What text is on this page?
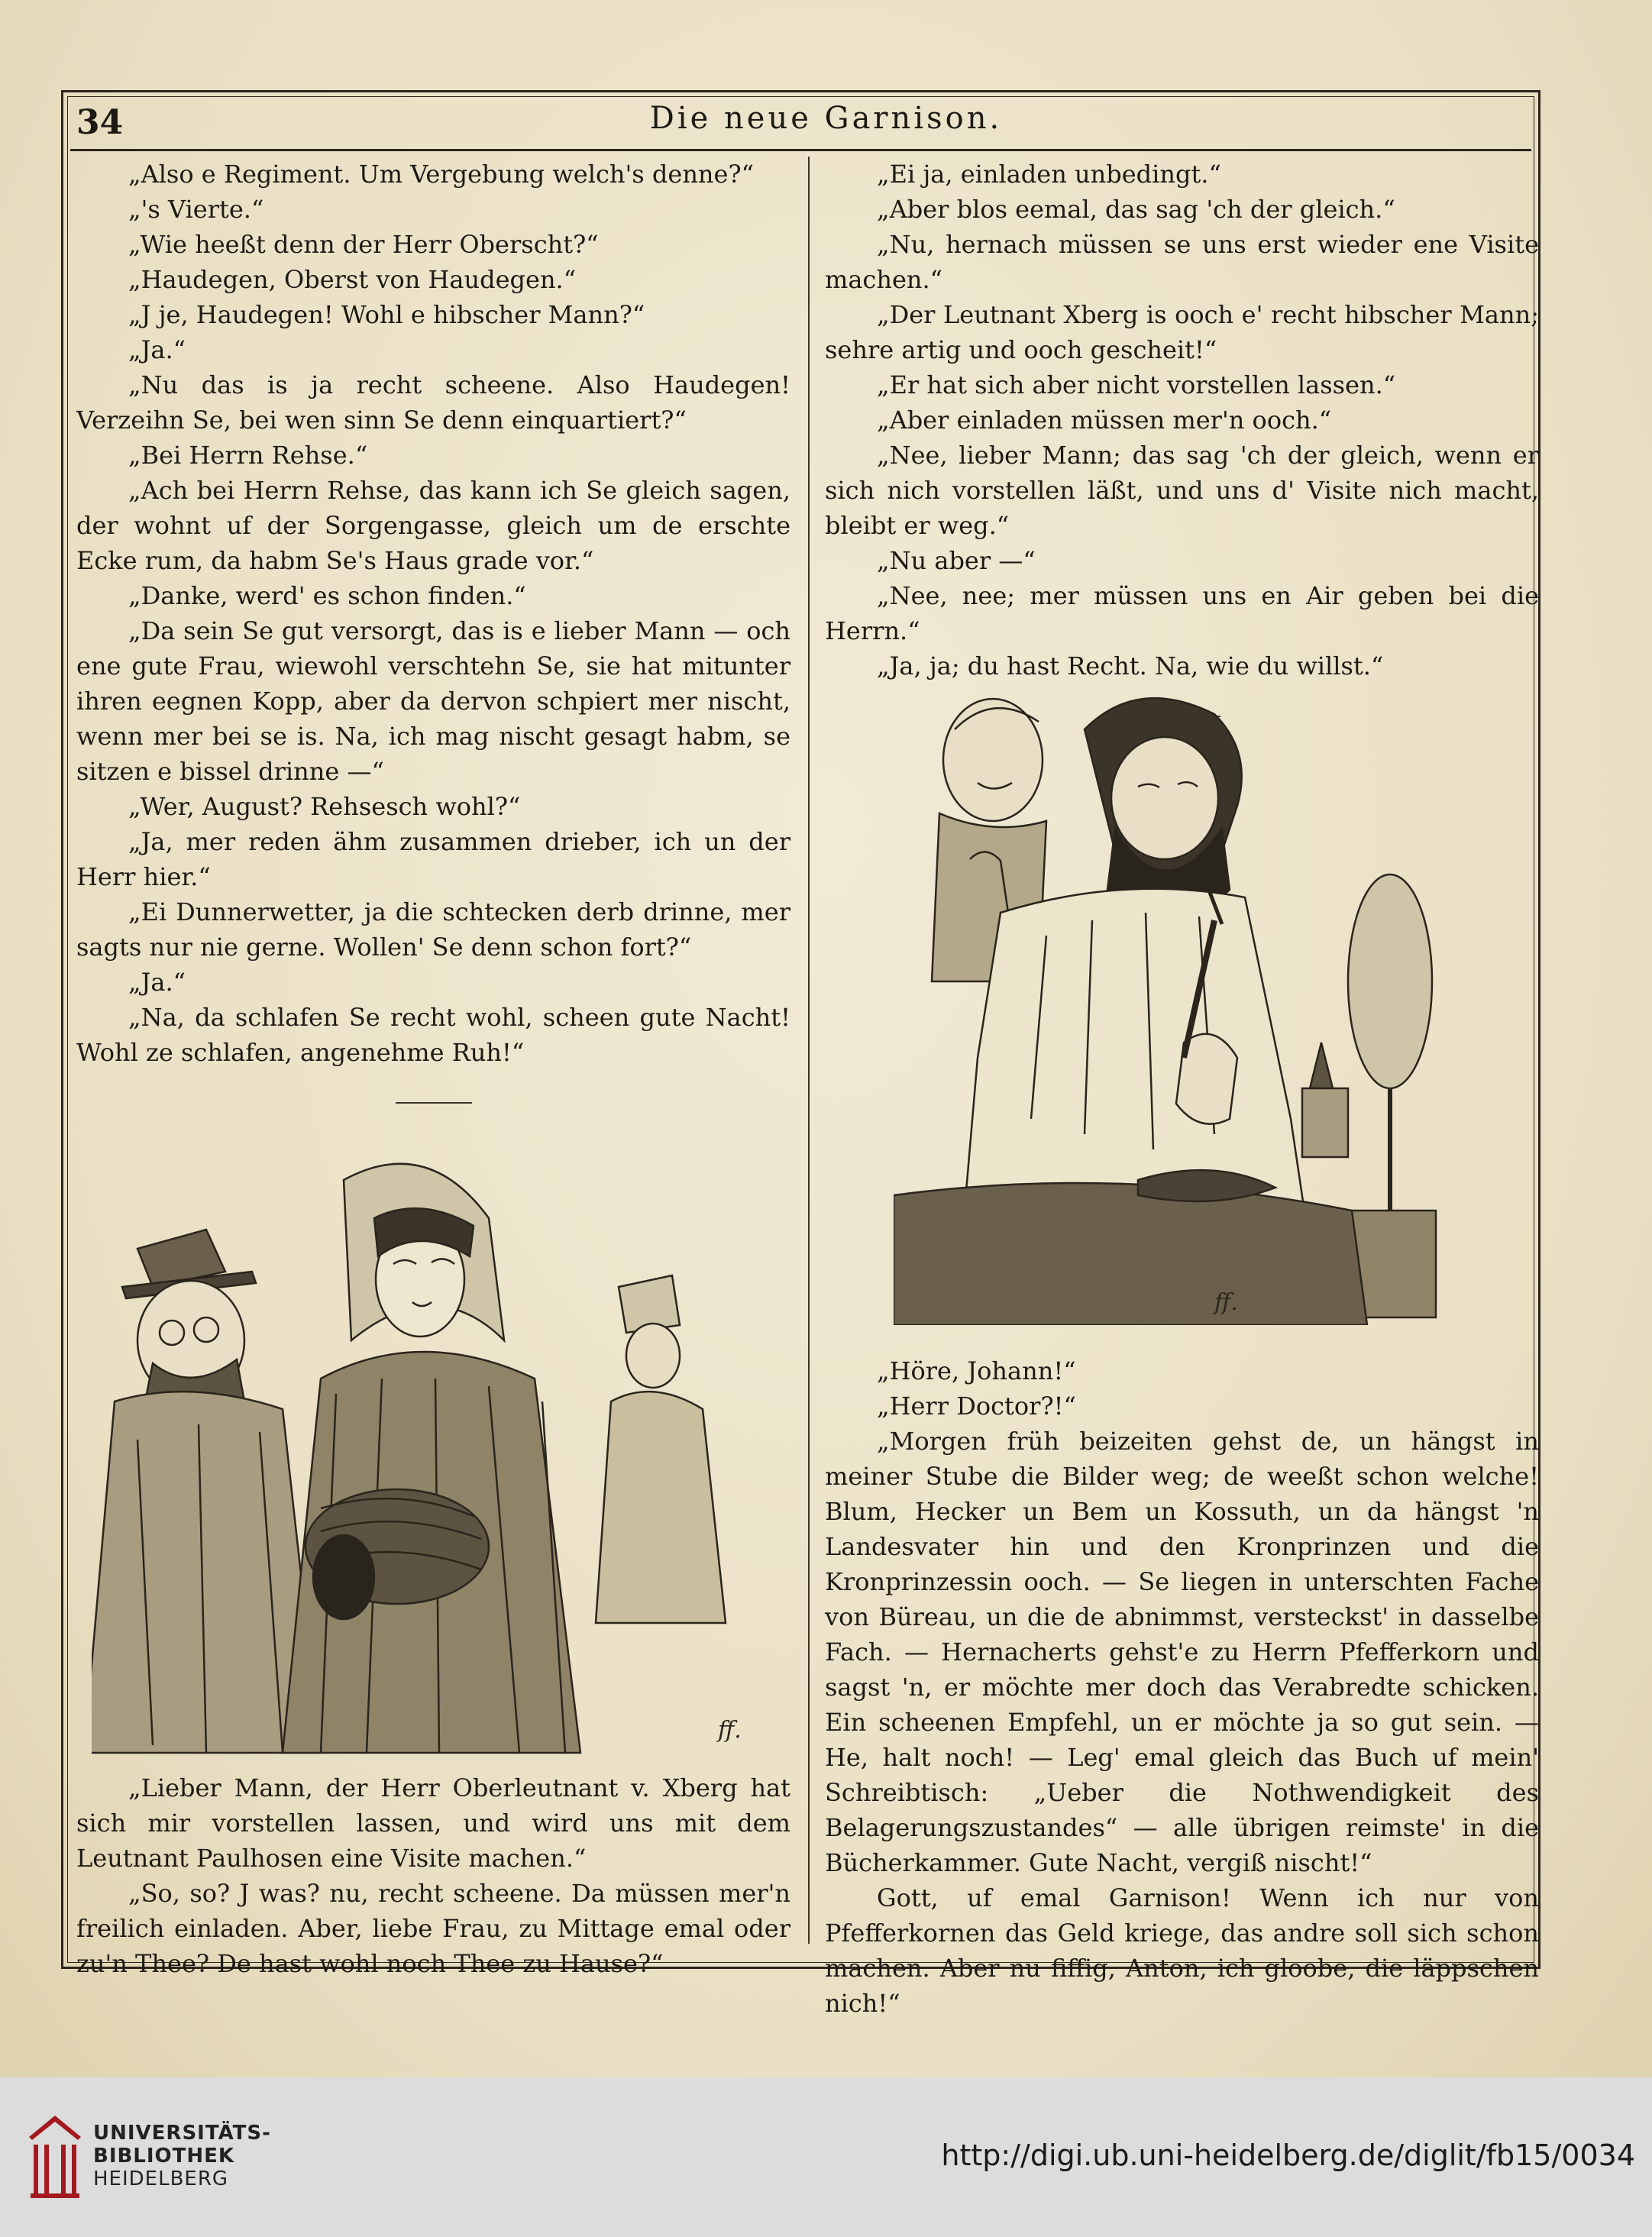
34	Die neue Garnison.

„Also e Regiment. Um Vergebung welch's denne?“

„'s Vierte.“

„Wie heeßt denn der Herr Oberscht?“

„Haudegen, Oberst von Haudegen.“

„J je, Haudegen! Wohl e hibscher Mann?“

„Ja.“

„Nu das is ja recht scheene. Also Haudegen! Verzeihn Se, bei wen sinn Se denn einquartiert?“

„Bei Herrn Rehse.“

„Ach bei Herrn Rehse, das kann ich Se gleich sagen, der wohnt uf der Sorgengasse, gleich um de erschte Ecke rum, da habm Se's Haus grade vor.“

„Danke, werd' es schon finden.“

„Da sein Se gut versorgt, das is e lieber Mann — och ene gute Frau, wiewohl verschtehn Se, sie hat mitunter ihren eegnen Kopp, aber da dervon schpiert mer nischt, wenn mer bei se is. Na, ich mag nischt gesagt habm, se sitzen e bissel drinne —“

„Wer, August? Rehsesch wohl?“

„Ja, mer reden ähm zusammen drieber, ich un der Herr hier.“

„Ei Dunnerwetter, ja die schtecken derb drinne, mer sagts nur nie gerne. Wollen' Se denn schon fort?“

„Ja.“

„Na, da schlafen Se recht wohl, scheen gute Nacht! Wohl ze schlafen, angenehme Ruh!“

ff.

„Lieber Mann, der Herr Oberleutnant v. Xberg hat sich mir vorstellen lassen, und wird uns mit dem Leutnant Paulhosen eine Visite machen.“

„So, so? J was? nu, recht scheene. Da müssen mer'n freilich einladen. Aber, liebe Frau, zu Mittage emal oder zu'n Thee? De hast wohl noch Thee zu Hause?“

„Ei ja, einladen unbedingt.“

„Aber blos eemal, das sag 'ch der gleich.“

„Nu, hernach müssen se uns erst wieder ene Visite machen.“

„Der Leutnant Xberg is ooch e' recht hibscher Mann; sehre artig und ooch gescheit!“

„Er hat sich aber nicht vorstellen lassen.“

„Aber einladen müssen mer'n ooch.“

„Nee, lieber Mann; das sag 'ch der gleich, wenn er sich nich vorstellen läßt, und uns d' Visite nich macht, bleibt er weg.“

„Nu aber —“

„Nee, nee; mer müssen uns en Air geben bei die Herrn.“

„Ja, ja; du hast Recht. Na, wie du willst.“

ff.

„Höre, Johann!“

„Herr Doctor?!“

„Morgen früh beizeiten gehst de, un hängst in meiner Stube die Bilder weg; de weeßt schon welche! Blum, Hecker un Bem un Kossuth, un da hängst 'n Landesvater hin und den Kronprinzen und die Kronprinzessin ooch. — Se liegen in unterschten Fache von Büreau, un die de abnimmst, versteckst' in dasselbe Fach. — Hernacherts gehst'e zu Herrn Pfefferkorn und sagst 'n, er möchte mer doch das Verabredte schicken. Ein scheenen Empfehl, un er möchte ja so gut sein. — He, halt noch! — Leg' emal gleich das Buch uf mein' Schreibtisch: „Ueber die Nothwendigkeit des Belagerungszustandes“ — alle übrigen reimste' in die Bücherkammer. Gute Nacht, vergiß nischt!“

Gott, uf emal Garnison! Wenn ich nur von Pfefferkornen das Geld kriege, das andre soll sich schon machen. Aber nu fiffig, Anton, ich gloobe, die läppschen nich!“

UNIVERSITÄTS-
BIBLIOTHEK
HEIDELBERG
http://digi.ub.uni-heidelberg.de/diglit/fb15/0034
